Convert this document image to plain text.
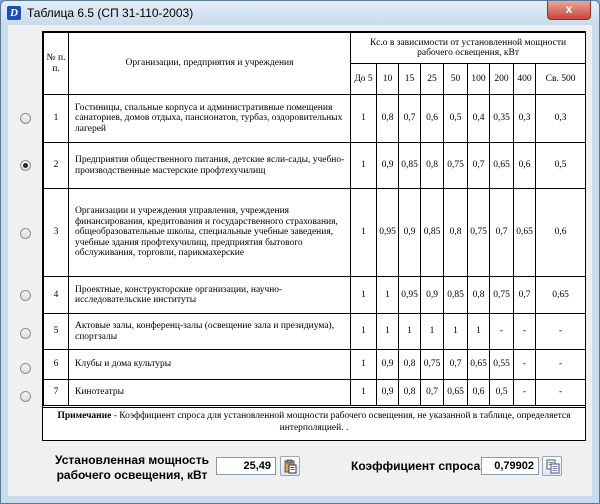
D Таблица 6.5 (СП 31-110-2003)	x
№ п. п.	Организации, предприятия и учреждения	Кс.о в зависимости от установленной мощности рабочего освещения, кВт								
		До 5	10	15	25	50	100	200	400	Св. 500
1	Гостиницы, спальные корпуса и административные помещения санаториев, домов отдыха, пансионатов, турбаз, оздоровительных лагерей	1	0,8	0,7	0,6	0,5	0,4	0,35	0,3	0,3
2	Предприятия общественного питания, детские ясли-сады, учебно-производственные мастерские профтехучилищ	1	0,9	0,85	0,8	0,75	0,7	0,65	0,6	0,5
3	Организации и учреждения управления, учреждения финансирования, кредитования и государственного страхования, общеобразовательные школы, специальные учебные заведения, учебные здания профтехучилищ, предприятия бытового обслуживания, торговли, парикмахерские	1	0,95	0,9	0,85	0,8	0,75	0,7	0,65	0,6
4	Проектные, конструкторские организации, научно-исследовательские институты	1	1	0,95	0,9	0,85	0,8	0,75	0,7	0,65
5	Актовые залы, конференц-залы (освещение зала и президиума), спортзалы	1	1	1	1	1	1	-	-	-
6	Клубы и дома культуры	1	0,9	0,8	0,75	0,7	0,65	0,55	-	-
7	Кинотеатры	1	0,9	0,8	0,7	0,65	0,6	0,5	-	-
Примечание - Коэффициент спроса для установленной мощности рабочего освещения, не указанной в таблице, определяется интерполяцией. .
Установленная мощность рабочего освещения, кВт
25,49	Коэффициент спроса	0,79902
